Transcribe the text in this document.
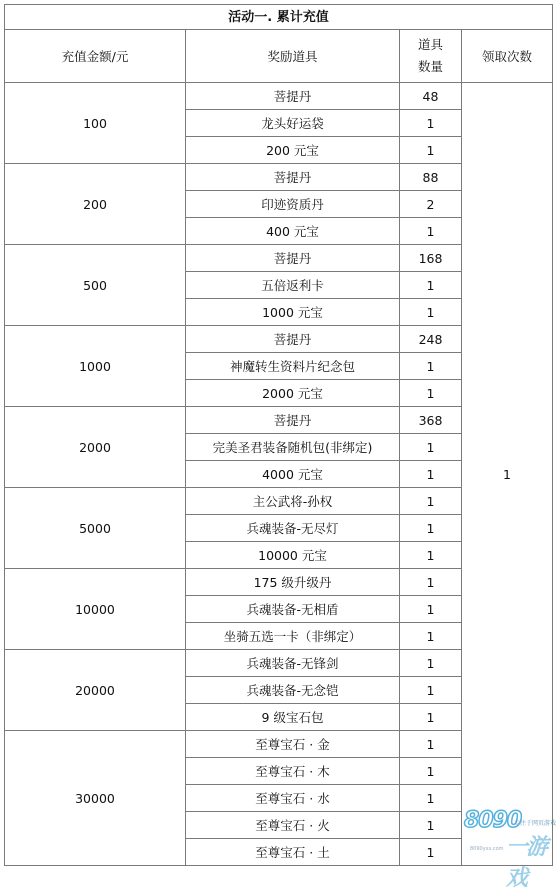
活动一. 累计充值			
充值金额/元	奖励道具	道具
数量	领取次数
100	菩提丹	48	1
	龙头好运袋	1	
	200 元宝	1	
200	菩提丹	88	
	印迹资质丹	2	
	400 元宝	1	
500	菩提丹	168	
	五倍返利卡	1	
	1000 元宝	1	
1000	菩提丹	248	
	神魔转生资料片纪念包	1	
	2000 元宝	1	
2000	菩提丹	368	
	完美圣君装备随机包(非绑定)	1	
	4000 元宝	1	
5000	主公武将-孙权	1	
	兵魂装备-无尽灯	1	
	10000 元宝	1	
10000	175 级升级丹	1	
	兵魂装备-无相盾	1	
	坐骑五选一卡（非绑定）	1	
20000	兵魂装备-无锋剑	1	
	兵魂装备-无念铠	1	
	9 级宝石包	1	
30000	至尊宝石 · 金	1	
	至尊宝石 · 木	1	
	至尊宝石 · 水	1	
	至尊宝石 · 火	1	
	至尊宝石 · 土	1	
8090
专注于网页游戏
一游戏
8090yxs.com
